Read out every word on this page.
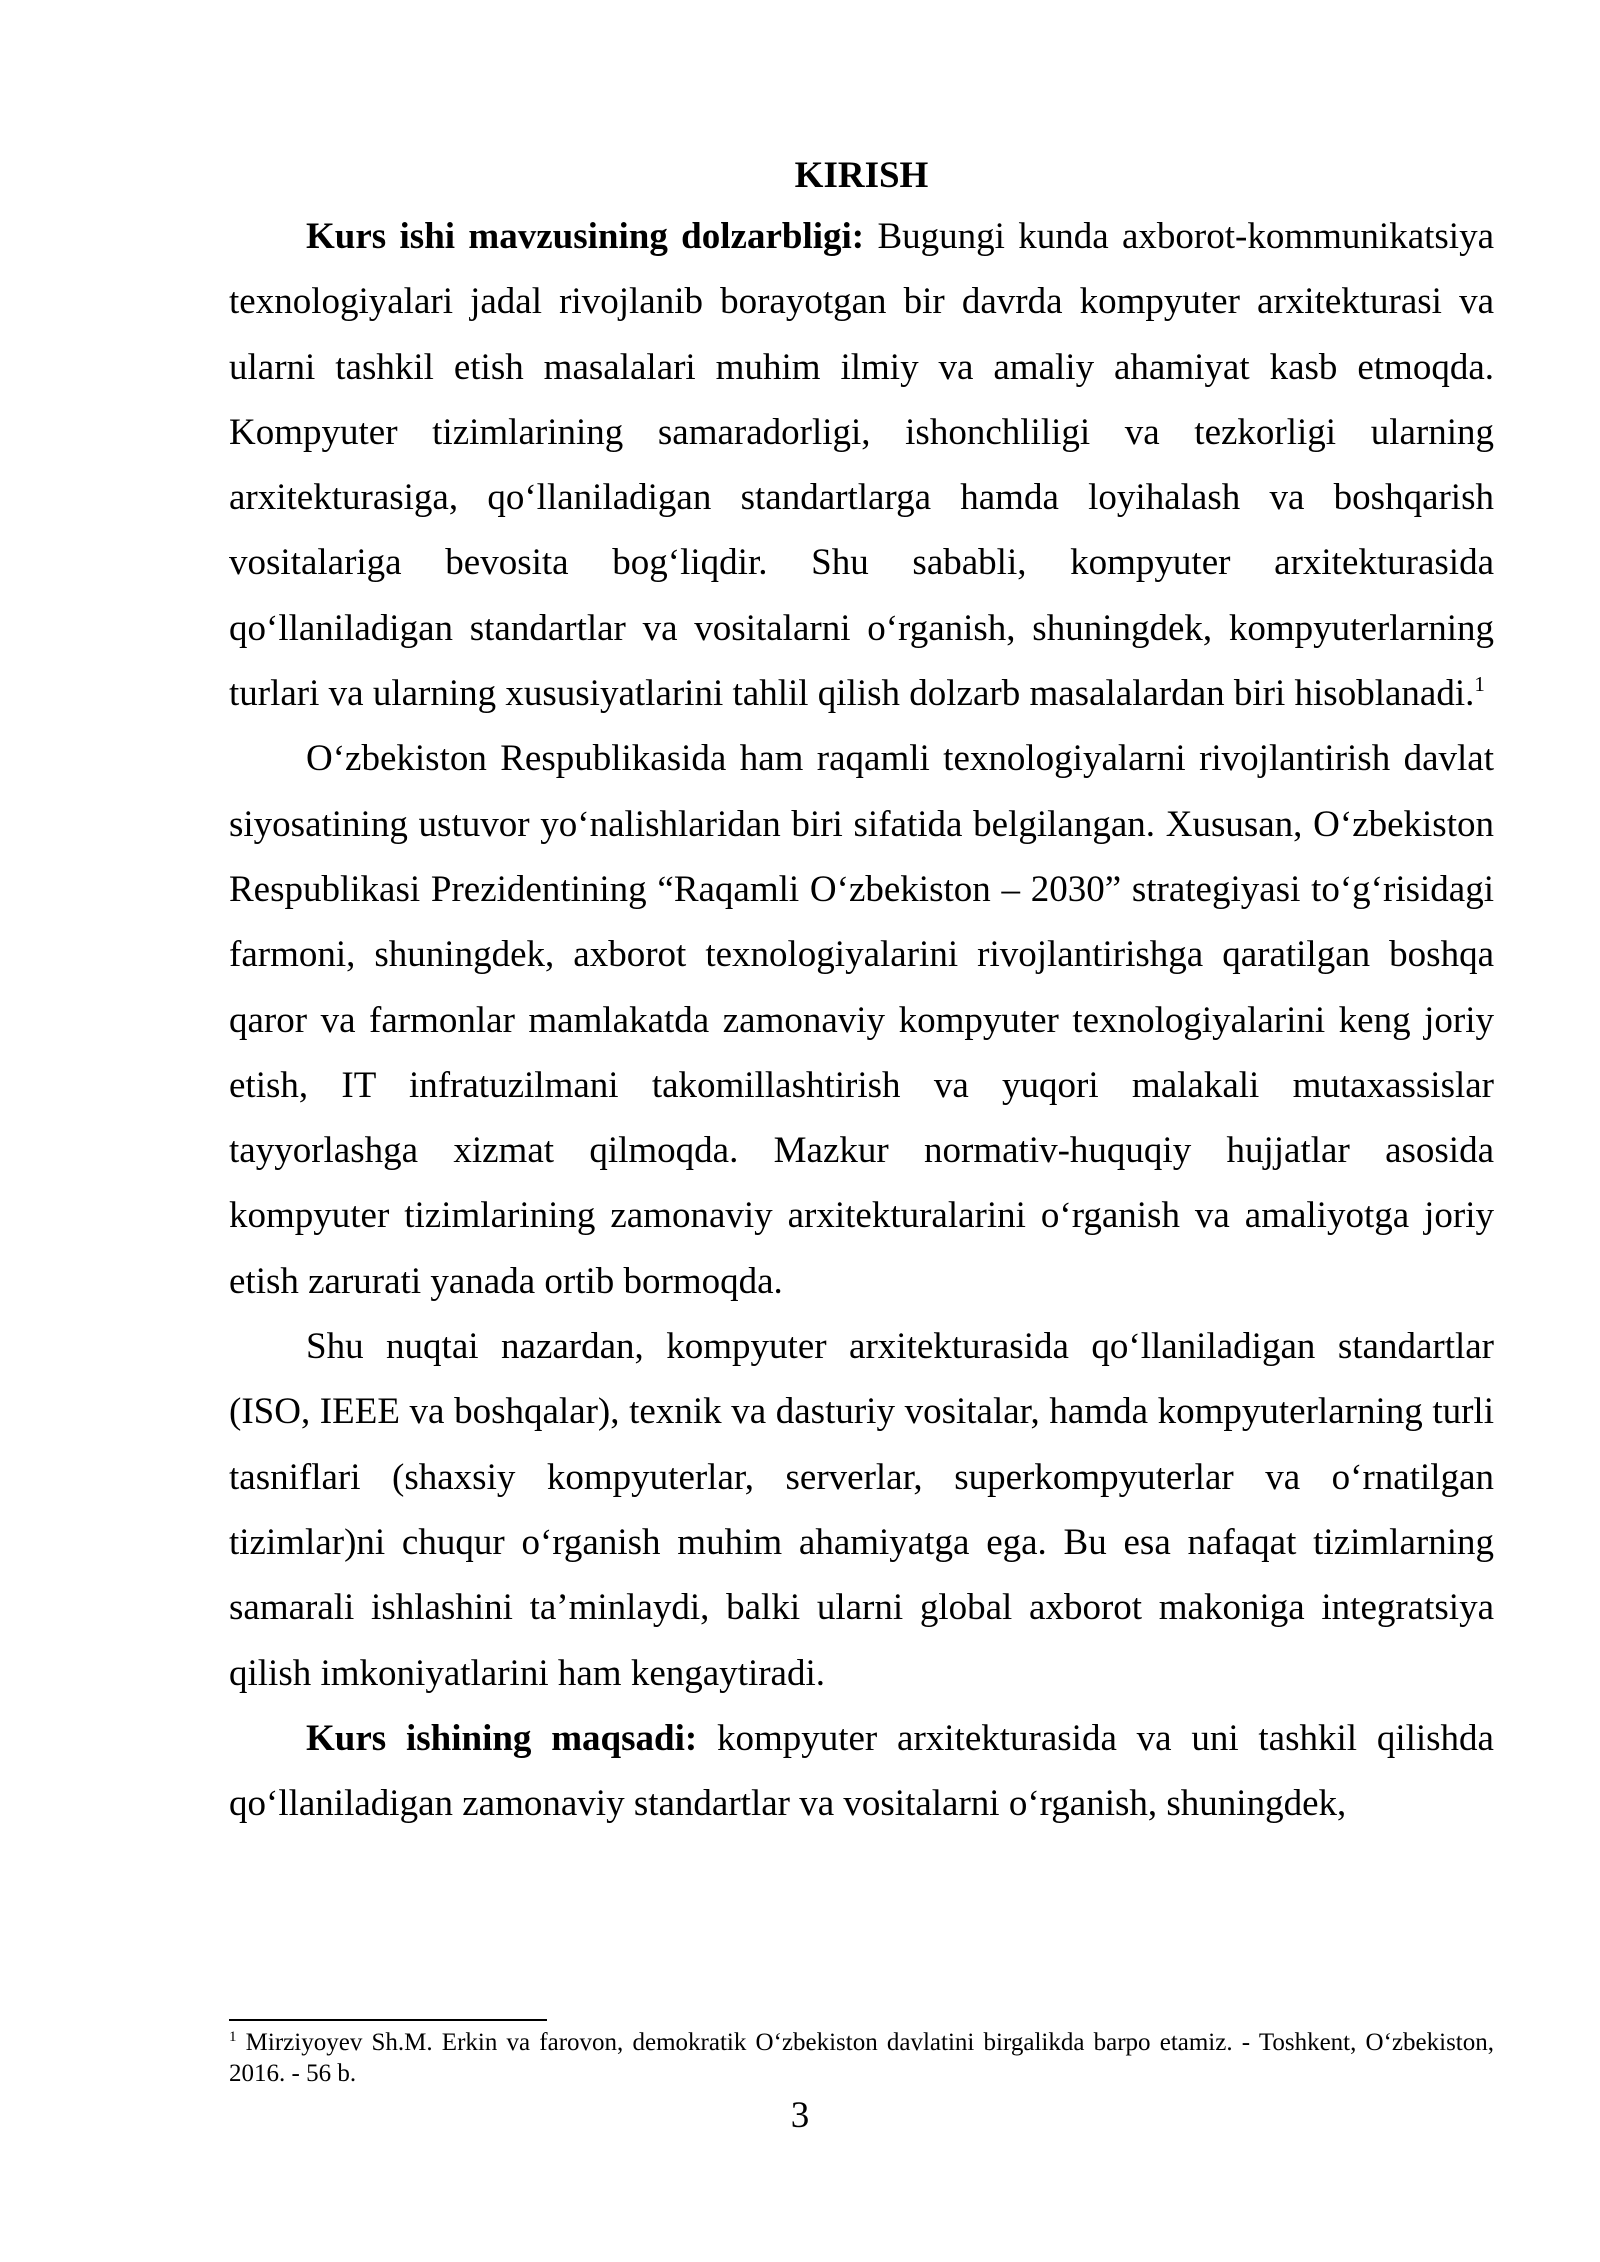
KIRISH

Kurs ishi mavzusining dolzarbligi: Bugungi kunda axborot-kommunikatsiya texnologiyalari jadal rivojlanib borayotgan bir davrda kompyuter arxitekturasi va ularni tashkil etish masalalari muhim ilmiy va amaliy ahamiyat kasb etmoqda. Kompyuter tizimlarining samaradorligi, ishonchliligi va tezkorligi ularning arxitekturasiga, qo‘llaniladigan standartlarga hamda loyihalash va boshqarish vositalariga bevosita bog‘liqdir. Shu sababli, kompyuter arxitekturasida qo‘llaniladigan standartlar va vositalarni o‘rganish, shuningdek, kompyuterlarning turlari va ularning xususiyatlarini tahlil qilish dolzarb masalalardan biri hisoblanadi.$^1$

O‘zbekiston Respublikasida ham raqamli texnologiyalarni rivojlantirish davlat siyosatining ustuvor yo‘nalishlaridan biri sifatida belgilangan. Xususan, O‘zbekiston Respublikasi Prezidentining “Raqamli O‘zbekiston – 2030” strategiyasi to‘g‘risidagi farmoni, shuningdek, axborot texnologiyalarini rivojlantirishga qaratilgan boshqa qaror va farmonlar mamlakatda zamonaviy kompyuter texnologiyalarini keng joriy etish, IT infratuzilmani takomillashtirish va yuqori malakali mutaxassislar tayyorlashga xizmat qilmoqda. Mazkur normativ-huquqiy hujjatlar asosida kompyuter tizimlarining zamonaviy arxitekturalarini o‘rganish va amaliyotga joriy etish zarurati yanada ortib bormoqda.

Shu nuqtai nazardan, kompyuter arxitekturasida qo‘llaniladigan standartlar (ISO, IEEE va boshqalar), texnik va dasturiy vositalar, hamda kompyuterlarning turli tasniflari (shaxsiy kompyuterlar, serverlar, superkompyuterlar va o‘rnatilgan tizimlar)ni chuqur o‘rganish muhim ahamiyatga ega. Bu esa nafaqat tizimlarning samarali ishlashini ta’minlaydi, balki ularni global axborot makoniga integratsiya qilish imkoniyatlarini ham kengaytiradi.

Kurs ishining maqsadi: kompyuter arxitekturasida va uni tashkil qilishda qo‘llaniladigan zamonaviy standartlar va vositalarni o‘rganish, shuningdek,

$^1$ Mirziyoyev Sh.M. Erkin va farovon, demokratik O‘zbekiston davlatini birgalikda barpo etamiz. - Toshkent, O‘zbekiston, 2016. - 56 b.

3
